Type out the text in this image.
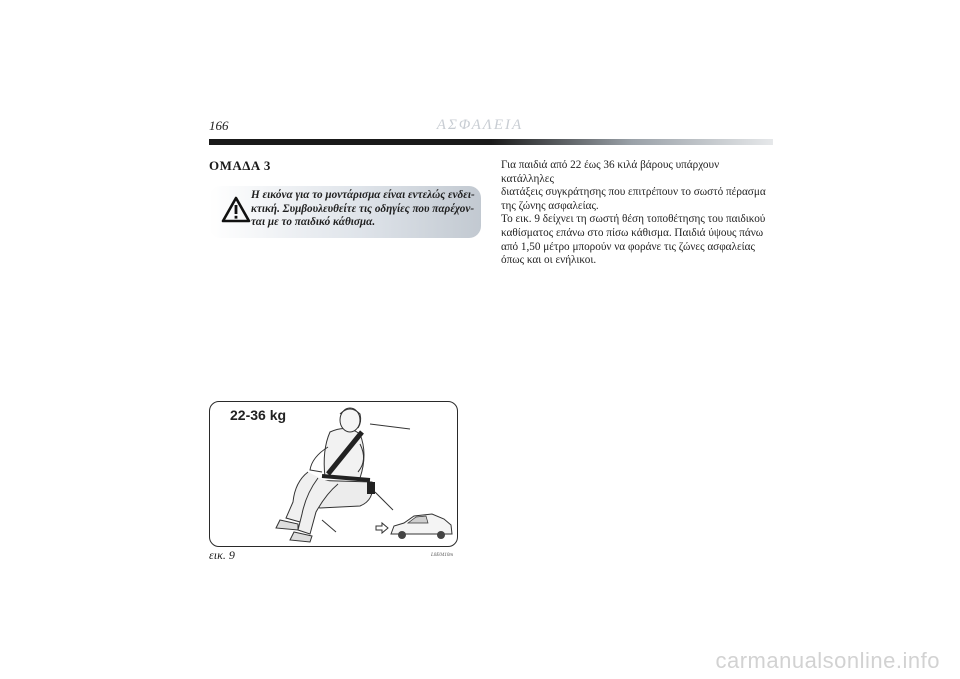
166	ΑΣΦΑΛΕΙΑ
ΟΜΑΔΑ 3
Η εικόνα για το μοντάρισμα είναι εντελώς ενδει-
κτική. Συμβουλευθείτε τις οδηγίες που παρέχον-
ται με το παιδικό κάθισμα.
Για παιδιά από 22 έως 36 κιλά βάρους υπάρχουν κατάλληλες
διατάξεις συγκράτησης που επιτρέπουν το σωστό πέρασμα
της ζώνης ασφαλείας.
Το εικ. 9 δείχνει τη σωστή θέση τοποθέτησης του παιδικού
καθίσματος επάνω στο πίσω κάθισμα. Παιδιά ύψους πάνω
από 1,50 μέτρο μπορούν να φοράνε τις ζώνες ασφαλείας
όπως και οι ενήλικοι.
22-36 kg
εικ. 9	L0E0410m
carmanualsonline.info
